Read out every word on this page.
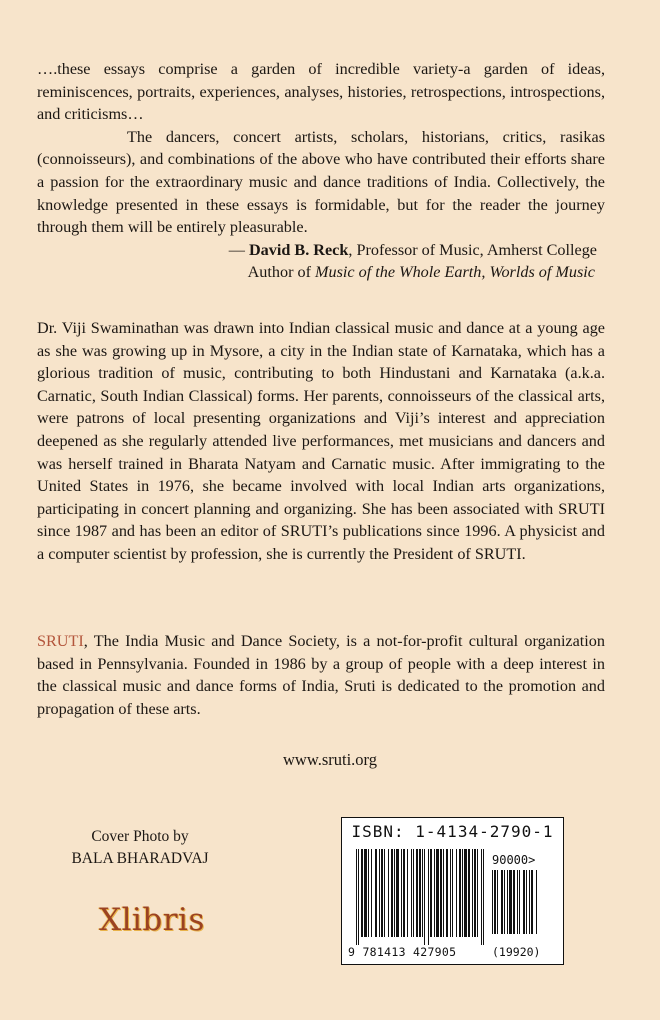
….these essays comprise a garden of incredible variety-a garden of ideas, reminiscences, portraits, experiences, analyses, histories, retrospections, introspections, and criticisms…

The dancers, concert artists, scholars, historians, critics, rasikas (connoisseurs), and combinations of the above who have contributed their efforts share a passion for the extraordinary music and dance traditions of India. Collectively, the knowledge presented in these essays is formidable, but for the reader the journey through them will be entirely pleasurable.

— David B. Reck, Professor of Music, Amherst College

Author of Music of the Whole Earth, Worlds of Music

Dr. Viji Swaminathan was drawn into Indian classical music and dance at a young age as she was growing up in Mysore, a city in the Indian state of Karnataka, which has a glorious tradition of music, contributing to both Hindustani and Karnataka (a.k.a. Carnatic, South Indian Classical) forms. Her parents, connoisseurs of the classical arts, were patrons of local presenting organizations and Viji’s interest and appreciation deepened as she regularly attended live performances, met musicians and dancers and was herself trained in Bharata Natyam and Carnatic music. After immigrating to the United States in 1976, she became involved with local Indian arts organizations, participating in concert planning and organizing. She has been associated with SRUTI since 1987 and has been an editor of SRUTI’s publications since 1996. A physicist and a computer scientist by profession, she is currently the President of SRUTI.

SRUTI, The India Music and Dance Society, is a not-for-profit cultural organization based in Pennsylvania. Founded in 1986 by a group of people with a deep interest in the classical music and dance forms of India, Sruti is dedicated to the promotion and propagation of these arts.

www.sruti.org
Cover Photo by
BALA BHARADVAJ
Xlibris
ISBN: 1-4134-2790-1
90000>
9 781413 427905	(19920)
